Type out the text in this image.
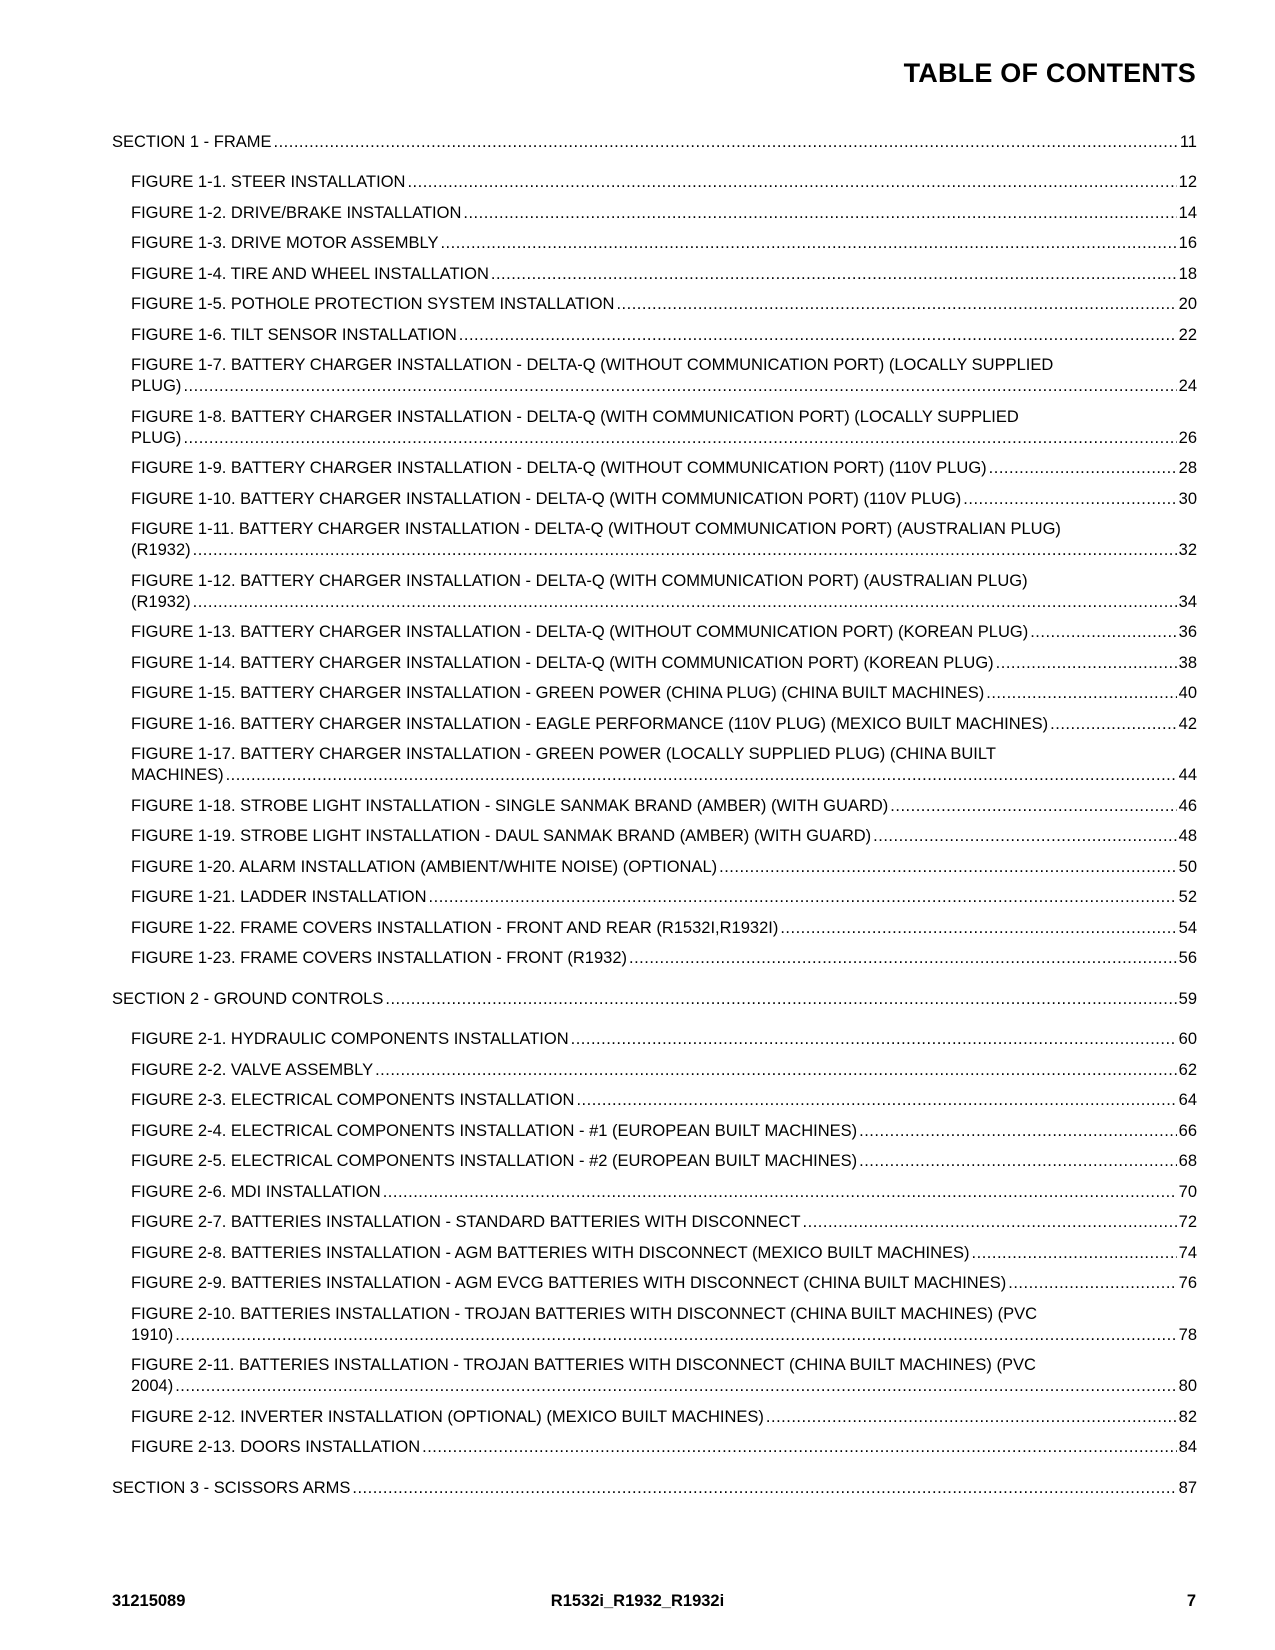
TABLE OF CONTENTS
SECTION 1 - FRAME .....	11
FIGURE 1-1. STEER INSTALLATION .....	12
FIGURE 1-2. DRIVE/BRAKE INSTALLATION .....	14
FIGURE 1-3. DRIVE MOTOR ASSEMBLY .....	16
FIGURE 1-4. TIRE AND WHEEL INSTALLATION .....	18
FIGURE 1-5. POTHOLE PROTECTION SYSTEM INSTALLATION .....	20
FIGURE 1-6. TILT SENSOR INSTALLATION .....	22
FIGURE 1-7. BATTERY CHARGER INSTALLATION - DELTA-Q (WITHOUT COMMUNICATION PORT) (LOCALLY SUPPLIED
PLUG) .....	24
FIGURE 1-8. BATTERY CHARGER INSTALLATION - DELTA-Q (WITH COMMUNICATION PORT) (LOCALLY SUPPLIED
PLUG) .....	26
FIGURE 1-9. BATTERY CHARGER INSTALLATION - DELTA-Q (WITHOUT COMMUNICATION PORT) (110V PLUG) .....	28
FIGURE 1-10. BATTERY CHARGER INSTALLATION - DELTA-Q (WITH COMMUNICATION PORT) (110V PLUG) .....	30
FIGURE 1-11. BATTERY CHARGER INSTALLATION - DELTA-Q (WITHOUT COMMUNICATION PORT) (AUSTRALIAN PLUG)
(R1932) .....	32
FIGURE 1-12. BATTERY CHARGER INSTALLATION - DELTA-Q (WITH COMMUNICATION PORT) (AUSTRALIAN PLUG)
(R1932) .....	34
FIGURE 1-13. BATTERY CHARGER INSTALLATION - DELTA-Q (WITHOUT COMMUNICATION PORT) (KOREAN PLUG) .....	36
FIGURE 1-14. BATTERY CHARGER INSTALLATION - DELTA-Q (WITH COMMUNICATION PORT) (KOREAN PLUG) .....	38
FIGURE 1-15. BATTERY CHARGER INSTALLATION - GREEN POWER (CHINA PLUG) (CHINA BUILT MACHINES) .....	40
FIGURE 1-16. BATTERY CHARGER INSTALLATION - EAGLE PERFORMANCE (110V PLUG) (MEXICO BUILT MACHINES) .....	42
FIGURE 1-17. BATTERY CHARGER INSTALLATION - GREEN POWER (LOCALLY SUPPLIED PLUG) (CHINA BUILT
MACHINES) .....	44
FIGURE 1-18. STROBE LIGHT INSTALLATION - SINGLE SANMAK BRAND (AMBER) (WITH GUARD) .....	46
FIGURE 1-19. STROBE LIGHT INSTALLATION - DAUL SANMAK BRAND (AMBER) (WITH GUARD) .....	48
FIGURE 1-20. ALARM INSTALLATION (AMBIENT/WHITE NOISE) (OPTIONAL) .....	50
FIGURE 1-21. LADDER INSTALLATION .....	52
FIGURE 1-22. FRAME COVERS INSTALLATION - FRONT AND REAR (R1532I,R1932I) .....	54
FIGURE 1-23. FRAME COVERS INSTALLATION - FRONT (R1932) .....	56
SECTION 2 - GROUND CONTROLS .....	59
FIGURE 2-1. HYDRAULIC COMPONENTS INSTALLATION .....	60
FIGURE 2-2. VALVE ASSEMBLY .....	62
FIGURE 2-3. ELECTRICAL COMPONENTS INSTALLATION .....	64
FIGURE 2-4. ELECTRICAL COMPONENTS INSTALLATION - #1 (EUROPEAN BUILT MACHINES) .....	66
FIGURE 2-5. ELECTRICAL COMPONENTS INSTALLATION - #2 (EUROPEAN BUILT MACHINES) .....	68
FIGURE 2-6. MDI INSTALLATION .....	70
FIGURE 2-7. BATTERIES INSTALLATION - STANDARD BATTERIES WITH DISCONNECT .....	72
FIGURE 2-8. BATTERIES INSTALLATION - AGM BATTERIES WITH DISCONNECT (MEXICO BUILT MACHINES) .....	74
FIGURE 2-9. BATTERIES INSTALLATION - AGM EVCG BATTERIES WITH DISCONNECT (CHINA BUILT MACHINES) .....	76
FIGURE 2-10. BATTERIES INSTALLATION - TROJAN BATTERIES WITH DISCONNECT (CHINA BUILT MACHINES) (PVC
1910) .....	78
FIGURE 2-11. BATTERIES INSTALLATION - TROJAN BATTERIES WITH DISCONNECT (CHINA BUILT MACHINES) (PVC
2004) .....	80
FIGURE 2-12. INVERTER INSTALLATION (OPTIONAL) (MEXICO BUILT MACHINES) .....	82
FIGURE 2-13. DOORS INSTALLATION .....	84
SECTION 3 - SCISSORS ARMS .....	87
31215089	R1532i_R1932_R1932i	7
